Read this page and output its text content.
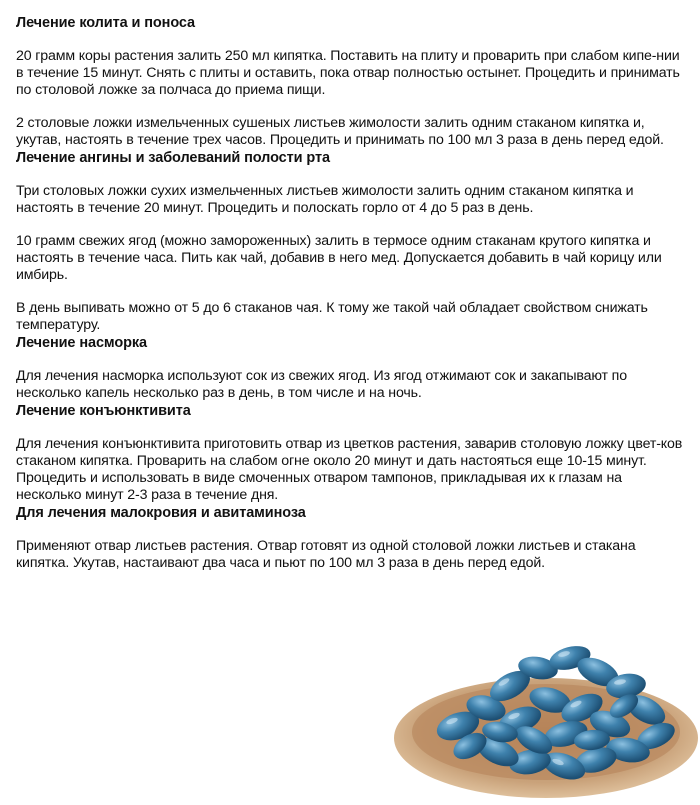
Лечение колита и поноса

20 грамм коры растения залить 250 мл кипятка. Поставить на плиту и проварить при слабом кипе-нии в течение 15 минут. Снять с плиты и оставить, пока отвар полностью остынет. Процедить и принимать по столовой ложке за полчаса до приема пищи.

2 столовые ложки измельченных сушеных листьев жимолости залить одним стаканом кипятка и, укутав, настоять в течение трех часов. Процедить и принимать по 100 мл 3 раза в день перед едой.

Лечение ангины и заболеваний полости рта

Три столовых ложки сухих измельченных листьев жимолости залить одним стаканом кипятка и настоять в течение 20 минут. Процедить и полоскать горло от 4 до 5 раз в день.

10 грамм свежих ягод (можно замороженных) залить в термосе одним стаканам крутого кипятка и настоять в течение часа. Пить как чай, добавив в него мед. Допускается добавить в чай корицу или имбирь.

В день выпивать можно от 5 до 6 стаканов чая. К тому же такой чай обладает свойством снижать температуру.

Лечение насморка

Для лечения насморка используют сок из свежих ягод. Из ягод отжимают сок и закапывают по несколько капель несколько раз в день, в том числе и на ночь.

Лечение конъюнктивита

Для лечения конъюнктивита приготовить отвар из цветков растения, заварив столовую ложку цвет-ков стаканом кипятка. Проварить на слабом огне около 20 минут и дать настояться еще 10-15 минут. Процедить и использовать в виде смоченных отваром тампонов, прикладывая их к глазам на несколько минут 2-3 раза в течение дня.

Для лечения малокровия и авитаминоза

Применяют отвар листьев растения. Отвар готовят из одной столовой ложки листьев и стакана кипятка. Укутав, настаивают два часа и пьют по 100 мл 3 раза в день перед едой.
